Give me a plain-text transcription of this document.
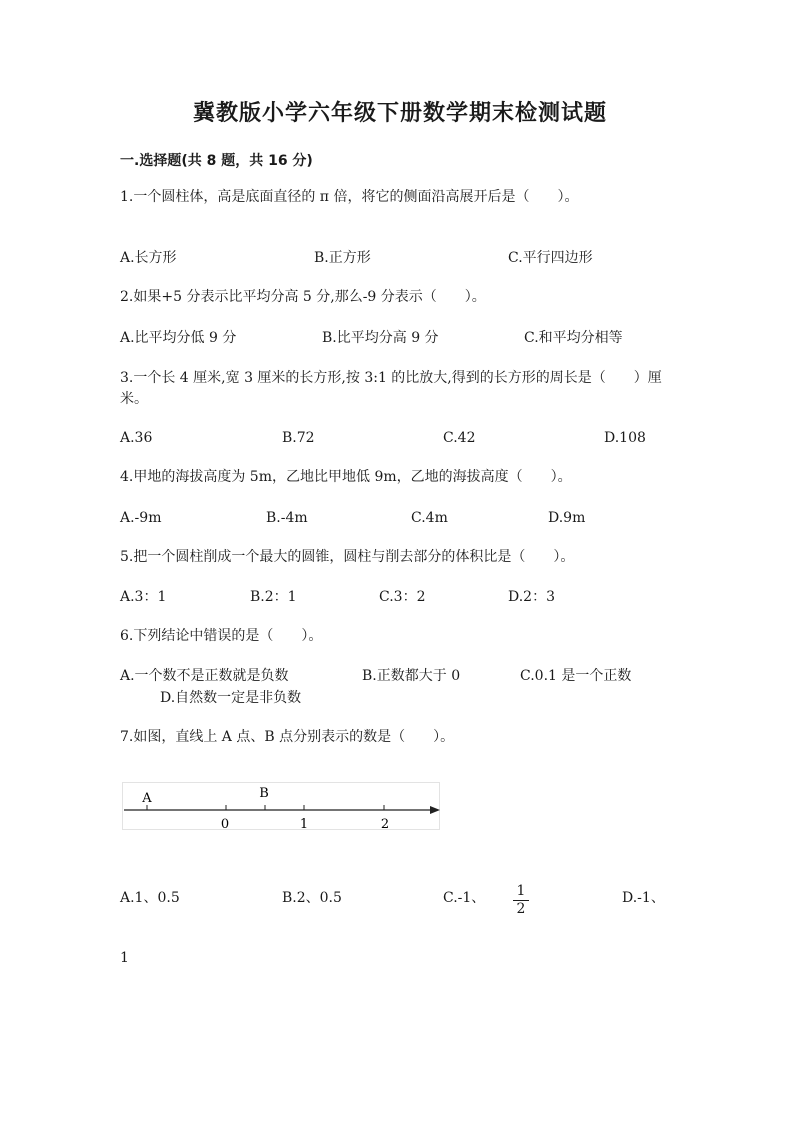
冀教版小学六年级下册数学期末检测试题
一.选择题(共 8 题，共 16 分)
1.一个圆柱体，高是底面直径的 π 倍，将它的侧面沿高展开后是（　　）。
A.长方形	B.正方形	C.平行四边形
2.如果+5 分表示比平均分高 5 分,那么-9 分表示（　　）。
A.比平均分低 9 分	B.比平均分高 9 分	C.和平均分相等
3.一个长 4 厘米,宽 3 厘米的长方形,按 3:1 的比放大,得到的长方形的周长是（　　）厘米。
A.36	B.72	C.42	D.108
4.甲地的海拔高度为 5m，乙地比甲地低 9m，乙地的海拔高度（　　）。
A.-9m	B.-4m	C.4m	D.9m
5.把一个圆柱削成一个最大的圆锥，圆柱与削去部分的体积比是（　　）。
A.3：1	B.2：1	C.3：2	D.2：3
6.下列结论中错误的是（　　）。
A.一个数不是正数就是负数	B.正数都大于 0	C.0.1 是一个正数
D.自然数一定是非负数
7.如图，直线上 A 点、B 点分别表示的数是（　　）。
A	B
0	1	2
A.1、0.5	B.2、0.5	C.-1、 $\frac{1}{2}$	D.-1、
1
